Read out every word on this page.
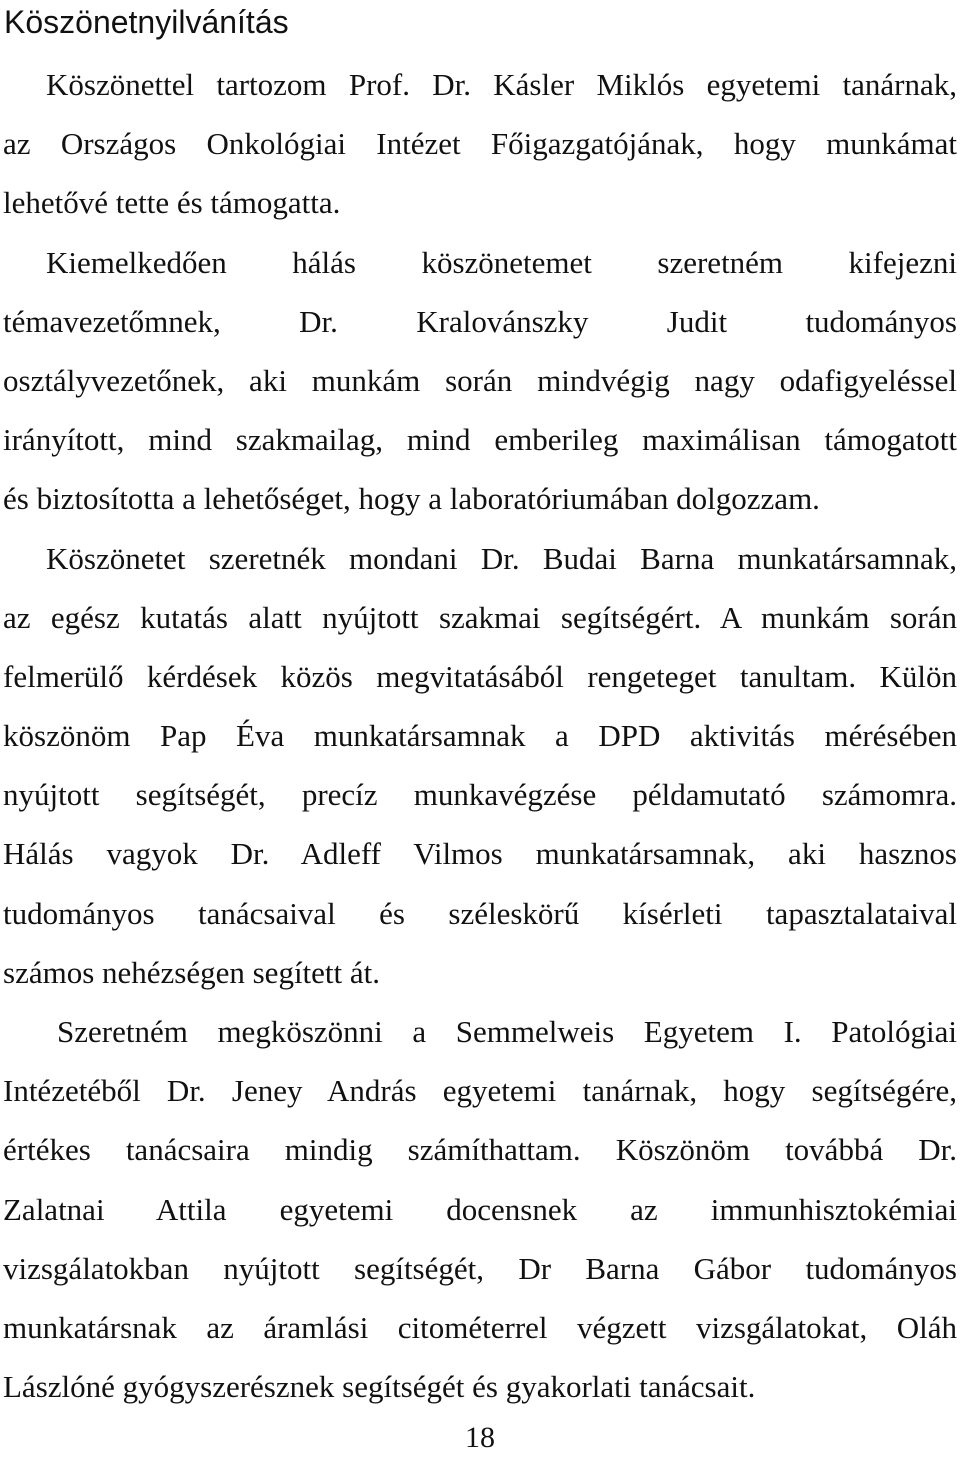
Köszönetnyilvánítás
Köszönettel tartozom Prof. Dr. Kásler Miklós egyetemi tanárnak,
az Országos Onkológiai Intézet Főigazgatójának, hogy munkámat
lehetővé tette és támogatta.
Kiemelkedően hálás köszönetemet szeretném kifejezni
témavezetőmnek, Dr. Kralovánszky Judit tudományos
osztályvezetőnek, aki munkám során mindvégig nagy odafigyeléssel
irányított, mind szakmailag, mind emberileg maximálisan támogatott
és biztosította a lehetőséget, hogy a laboratóriumában dolgozzam.
Köszönetet szeretnék mondani Dr. Budai Barna munkatársamnak,
az egész kutatás alatt nyújtott szakmai segítségért. A munkám során
felmerülő kérdések közös megvitatásából rengeteget tanultam. Külön
köszönöm Pap Éva munkatársamnak a DPD aktivitás mérésében
nyújtott segítségét, precíz munkavégzése példamutató számomra.
Hálás vagyok Dr. Adleff Vilmos munkatársamnak, aki hasznos
tudományos tanácsaival és széleskörű kísérleti tapasztalataival
számos nehézségen segített át.
Szeretném megköszönni a Semmelweis Egyetem I. Patológiai
Intézetéből Dr. Jeney András egyetemi tanárnak, hogy segítségére,
értékes tanácsaira mindig számíthattam. Köszönöm továbbá Dr.
Zalatnai Attila egyetemi docensnek az immunhisztokémiai
vizsgálatokban nyújtott segítségét, Dr Barna Gábor tudományos
munkatársnak az áramlási citométerrel végzett vizsgálatokat, Oláh
Lászlóné gyógyszerésznek segítségét és gyakorlati tanácsait.
18
